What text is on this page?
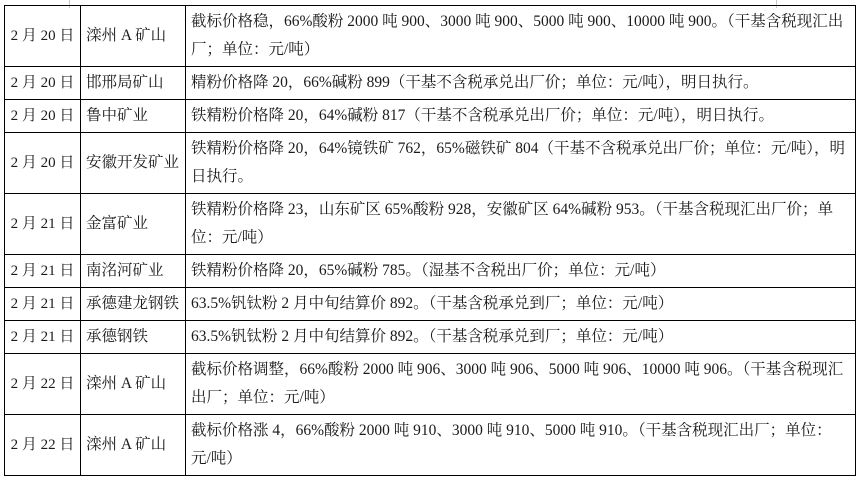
2 月 20 日	滦州 A 矿山	截标价格稳，66%酸粉 2000 吨 900、3000 吨 900、5000 吨 900、10000 吨 900。（干基含税现汇出厂；单位：元/吨）
2 月 20 日	邯邢局矿山	精粉价格降 20，66%碱粉 899（干基不含税承兑出厂价；单位：元/吨），明日执行。
2 月 20 日	鲁中矿业	铁精粉价格降 20，64%碱粉 817（干基不含税承兑出厂价；单位：元/吨），明日执行。
2 月 20 日	安徽开发矿业	铁精粉价格降 20，64%镜铁矿 762，65%磁铁矿 804（干基不含税承兑出厂价；单位：元/吨），明日执行。
2 月 21 日	金富矿业	铁精粉价格降 23，山东矿区 65%酸粉 928，安徽矿区 64%碱粉 953。（干基含税现汇出厂价；单位：元/吨）
2 月 21 日	南洺河矿业	铁精粉价格降 20，65%碱粉 785。（湿基不含税出厂价；单位：元/吨）
2 月 21 日	承德建龙钢铁	63.5%钒钛粉 2 月中旬结算价 892。（干基含税承兑到厂；单位：元/吨）
2 月 21 日	承德钢铁	63.5%钒钛粉 2 月中旬结算价 892。（干基含税承兑到厂；单位：元/吨）
2 月 22 日	滦州 A 矿山	截标价格调整，66%酸粉 2000 吨 906、3000 吨 906、5000 吨 906、10000 吨 906。（干基含税现汇出厂；单位：元/吨）
2 月 22 日	滦州 A 矿山	截标价格涨 4，66%酸粉 2000 吨 910、3000 吨 910、5000 吨 910。（干基含税现汇出厂；单位：元/吨）
